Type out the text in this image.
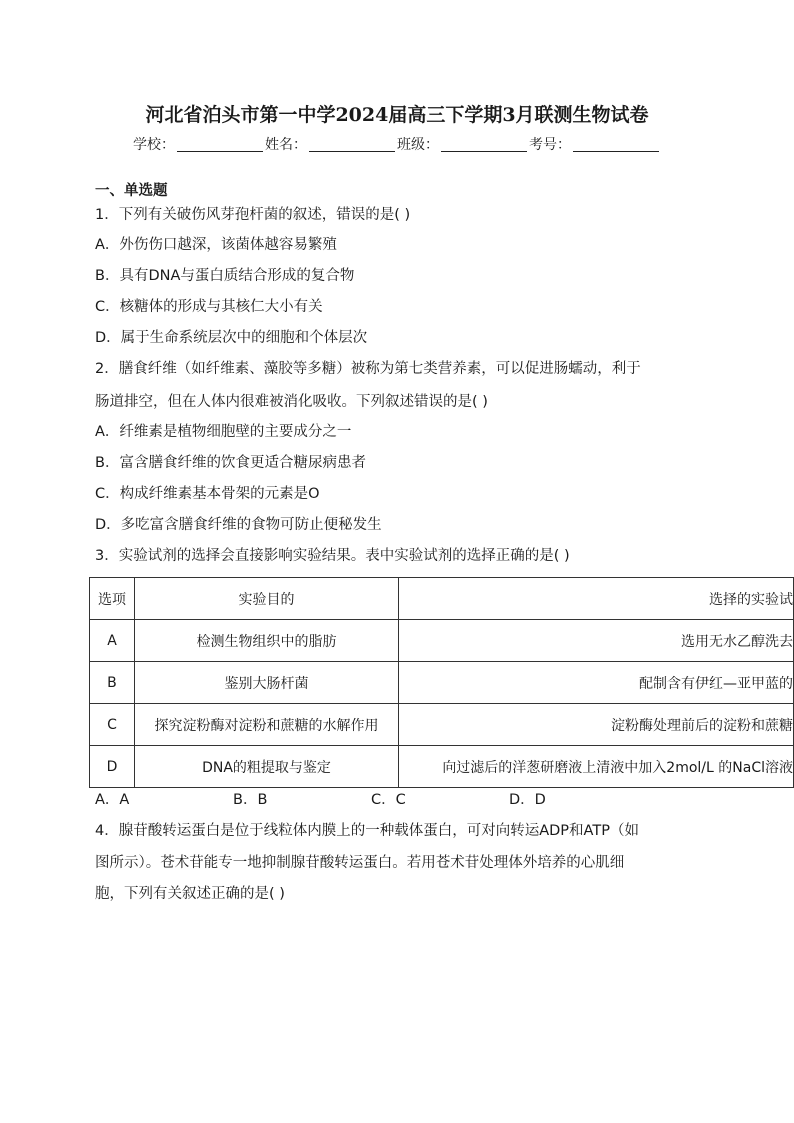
河北省泊头市第一中学2024届高三下学期3月联测生物试卷
学校：	姓名：	班级：	考号：
一、单选题
1．下列有关破伤风芽孢杆菌的叙述，错误的是( )
A．外伤伤口越深，该菌体越容易繁殖
B．具有DNA与蛋白质结合形成的复合物
C．核糖体的形成与其核仁大小有关
D．属于生命系统层次中的细胞和个体层次
2．膳食纤维（如纤维素、藻胶等多糖）被称为第七类营养素，可以促进肠蠕动，利于
肠道排空，但在人体内很难被消化吸收。下列叙述错误的是( )
A．纤维素是植物细胞壁的主要成分之一
B．富含膳食纤维的饮食更适合糖尿病患者
C．构成纤维素基本骨架的元素是O
D．多吃富含膳食纤维的食物可防止便秘发生
3．实验试剂的选择会直接影响实验结果。表中实验试剂的选择正确的是( )
选项	实验目的	选择的实验试
A	检测生物组织中的脂肪	选用无水乙醇洗去
B	鉴别大肠杆菌	配制含有伊红—亚甲蓝的
C	探究淀粉酶对淀粉和蔗糖的水解作用	淀粉酶处理前后的淀粉和蔗糖
D	DNA的粗提取与鉴定	向过滤后的洋葱研磨液上清液中加入2mol/L 的NaCl溶液
A．A	B．B	C．C	D．D
4．腺苷酸转运蛋白是位于线粒体内膜上的一种载体蛋白，可对向转运ADP和ATP（如
图所示）。苍术苷能专一地抑制腺苷酸转运蛋白。若用苍术苷处理体外培养的心肌细
胞，下列有关叙述正确的是( )
